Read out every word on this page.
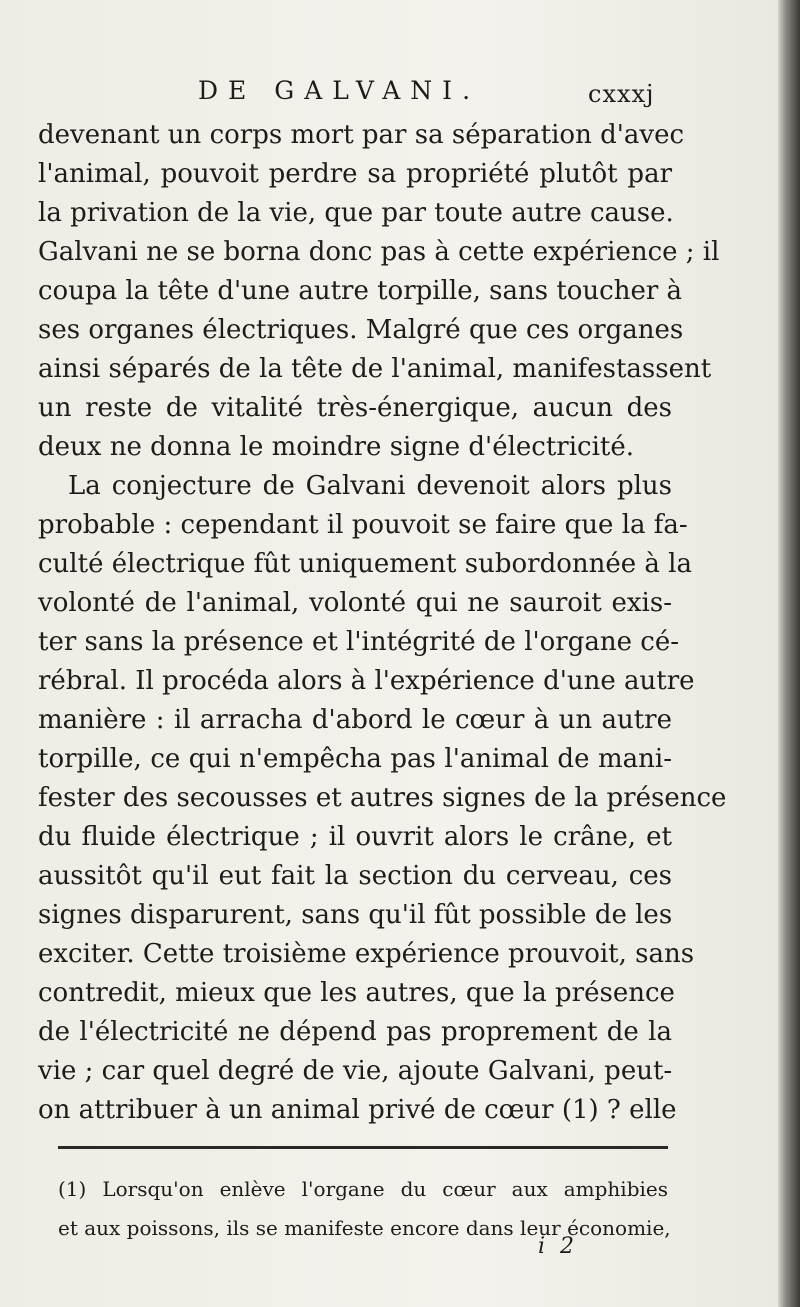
DE GALVANI.	cxxxj
devenant un corps mort par sa séparation d'avec
l'animal, pouvoit perdre sa propriété plutôt par
la privation de la vie, que par toute autre cause.
Galvani ne se borna donc pas à cette expérience ; il
coupa la tête d'une autre torpille, sans toucher à
ses organes électriques. Malgré que ces organes
ainsi séparés de la tête de l'animal, manifestassent
un reste de vitalité très-énergique, aucun des
deux ne donna le moindre signe d'électricité.
La conjecture de Galvani devenoit alors plus
probable : cependant il pouvoit se faire que la fa-
culté électrique fût uniquement subordonnée à la
volonté de l'animal, volonté qui ne sauroit exis-
ter sans la présence et l'intégrité de l'organe cé-
rébral. Il procéda alors à l'expérience d'une autre
manière : il arracha d'abord le cœur à un autre
torpille, ce qui n'empêcha pas l'animal de mani-
fester des secousses et autres signes de la présence
du fluide électrique ; il ouvrit alors le crâne, et
aussitôt qu'il eut fait la section du cerveau, ces
signes disparurent, sans qu'il fût possible de les
exciter. Cette troisième expérience prouvoit, sans
contredit, mieux que les autres, que la présence
de l'électricité ne dépend pas proprement de la
vie ; car quel degré de vie, ajoute Galvani, peut-
on attribuer à un animal privé de cœur (1) ? elle
(1) Lorsqu'on enlève l'organe du cœur aux amphibies
et aux poissons, ils se manifeste encore dans leur économie,
i 2
